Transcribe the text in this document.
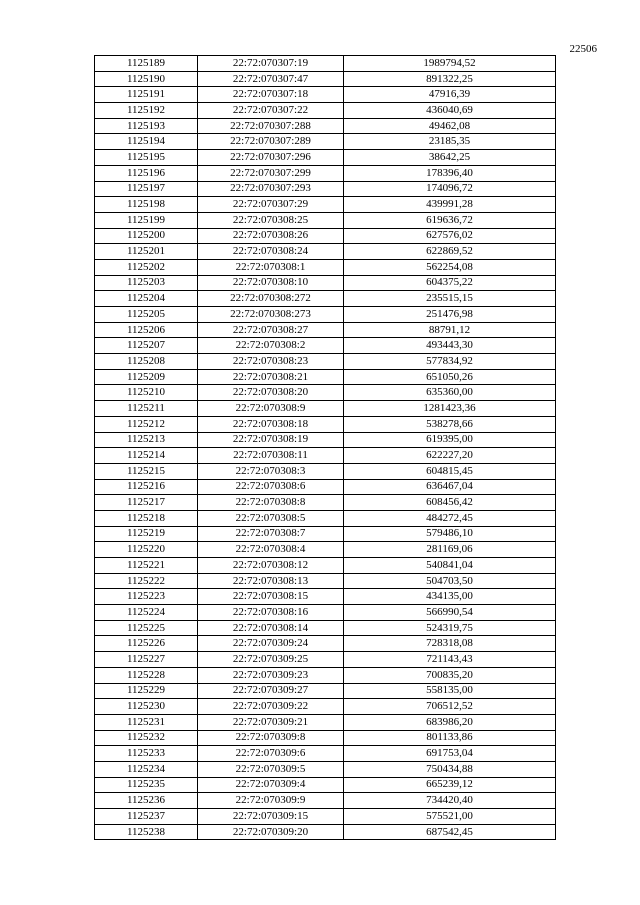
22506
1125189	22:72:070307:19	1989794,52
1125190	22:72:070307:47	891322,25
1125191	22:72:070307:18	47916,39
1125192	22:72:070307:22	436040,69
1125193	22:72:070307:288	49462,08
1125194	22:72:070307:289	23185,35
1125195	22:72:070307:296	38642,25
1125196	22:72:070307:299	178396,40
1125197	22:72:070307:293	174096,72
1125198	22:72:070307:29	439991,28
1125199	22:72:070308:25	619636,72
1125200	22:72:070308:26	627576,02
1125201	22:72:070308:24	622869,52
1125202	22:72:070308:1	562254,08
1125203	22:72:070308:10	604375,22
1125204	22:72:070308:272	235515,15
1125205	22:72:070308:273	251476,98
1125206	22:72:070308:27	88791,12
1125207	22:72:070308:2	493443,30
1125208	22:72:070308:23	577834,92
1125209	22:72:070308:21	651050,26
1125210	22:72:070308:20	635360,00
1125211	22:72:070308:9	1281423,36
1125212	22:72:070308:18	538278,66
1125213	22:72:070308:19	619395,00
1125214	22:72:070308:11	622227,20
1125215	22:72:070308:3	604815,45
1125216	22:72:070308:6	636467,04
1125217	22:72:070308:8	608456,42
1125218	22:72:070308:5	484272,45
1125219	22:72:070308:7	579486,10
1125220	22:72:070308:4	281169,06
1125221	22:72:070308:12	540841,04
1125222	22:72:070308:13	504703,50
1125223	22:72:070308:15	434135,00
1125224	22:72:070308:16	566990,54
1125225	22:72:070308:14	524319,75
1125226	22:72:070309:24	728318,08
1125227	22:72:070309:25	721143,43
1125228	22:72:070309:23	700835,20
1125229	22:72:070309:27	558135,00
1125230	22:72:070309:22	706512,52
1125231	22:72:070309:21	683986,20
1125232	22:72:070309:8	801133,86
1125233	22:72:070309:6	691753,04
1125234	22:72:070309:5	750434,88
1125235	22:72:070309:4	665239,12
1125236	22:72:070309:9	734420,40
1125237	22:72:070309:15	575521,00
1125238	22:72:070309:20	687542,45
